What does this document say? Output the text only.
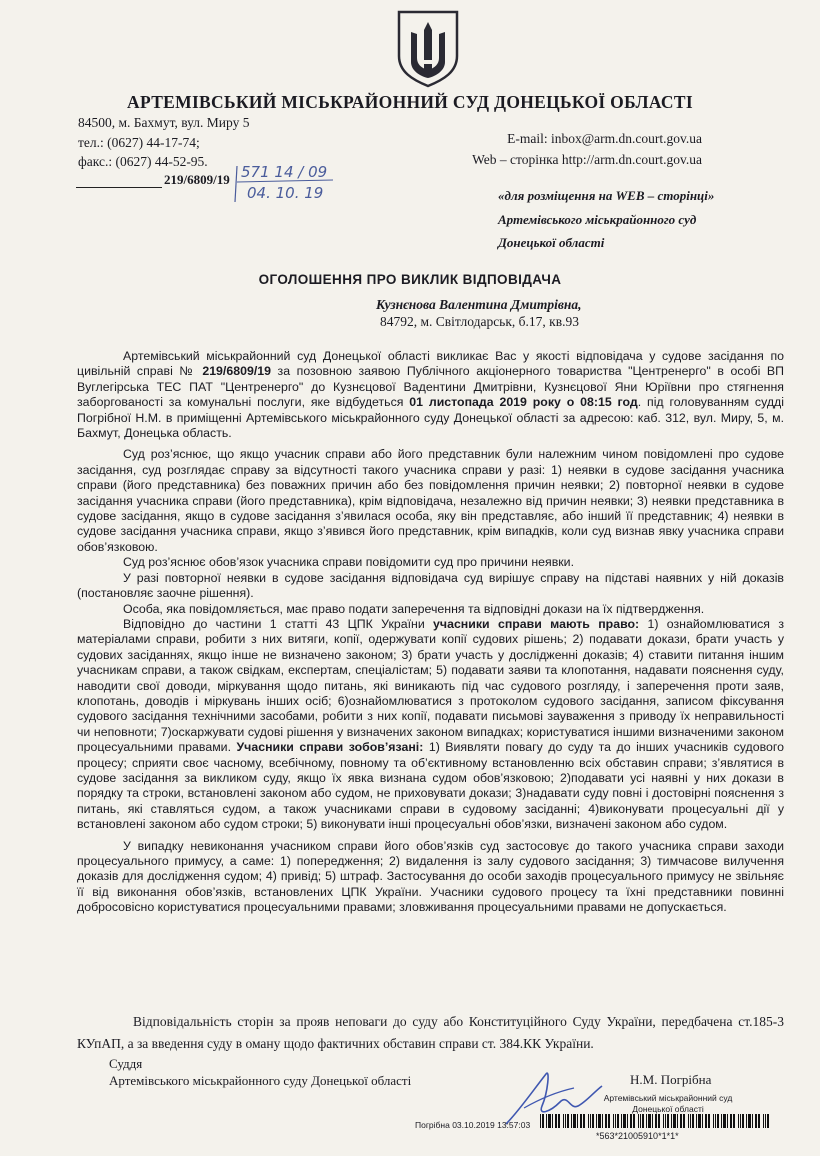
АРТЕМІВСЬКИЙ МІСЬКРАЙОННИЙ СУД ДОНЕЦЬКОЇ ОБЛАСТІ
84500, м. Бахмут, вул. Миру 5
тел.: (0627) 44-17-74;
факс.: (0627) 44-52-95.
E-mail: inbox@arm.dn.court.gov.ua
Web – сторінка http://arm.dn.court.gov.ua
219/6809/19 571 14 / 09
04. 10. 19	«для розміщення на WEB – сторінці»
Артемівського міськрайонного суд
Донецької області
ОГОЛОШЕННЯ ПРО ВИКЛИК ВІДПОВІДАЧА
Кузнєнова Валентина Дмитрівна,
84792, м. Світлодарськ, б.17, кв.93

Артемівський міськрайонний суд Донецької області викликає Вас у якості відповідача у судове засідання по цивільній справі № 219/6809/19 за позовною заявою Публічного акціонерного товариства "Центренерго" в особі ВП Вуглегірська ТЕС ПАТ "Центренерго" до Кузнєцової Вадентини Дмитрівни, Кузнєцової Яни Юріївни про стягнення заборгованості за комунальні послуги, яке відбудеться 01 листопада 2019 року о 08:15 год. під головуванням судді Погрібної Н.М. в приміщенні Артемівського міськрайонного суду Донецької області за адресою: каб. 312, вул. Миру, 5, м. Бахмут, Донецька область.

Суд роз’яснює, що якщо учасник справи або його представник були належним чином повідомлені про судове засідання, суд розглядає справу за відсутності такого учасника справи у разі: 1) неявки в судове засідання учасника справи (його представника) без поважних причин або без повідомлення причин неявки; 2) повторної неявки в судове засідання учасника справи (його представника), крім відповідача, незалежно від причин неявки; 3) неявки представника в судове засідання, якщо в судове засідання з’явилася особа, яку він представляє, або інший її представник; 4) неявки в судове засідання учасника справи, якщо з’явився його представник, крім випадків, коли суд визнав явку учасника справи обов’язковою.

Суд роз’яснює обов’язок учасника справи повідомити суд про причини неявки.

У разі повторної неявки в судове засідання відповідача суд вирішує справу на підставі наявних у ній доказів (постановляє заочне рішення).

Особа, яка повідомляється, має право подати заперечення та відповідні докази на їх підтвердження.

Відповідно до частини 1 статті 43 ЦПК України учасники справи мають право: 1) ознайомлюватися з матеріалами справи, робити з них витяги, копії, одержувати копії судових рішень; 2) подавати докази, брати участь у судових засіданнях, якщо інше не визначено законом; 3) брати участь у дослідженні доказів; 4) ставити питання іншим учасникам справи, а також свідкам, експертам, спеціалістам; 5) подавати заяви та клопотання, надавати пояснення суду, наводити свої доводи, міркування щодо питань, які виникають під час судового розгляду, і заперечення проти заяв, клопотань, доводів і міркувань інших осіб; 6)ознайомлюватися з протоколом судового засідання, записом фіксування судового засідання технічними засобами, робити з них копії, подавати письмові зауваження з приводу їх неправильності чи неповноти; 7)оскаржувати судові рішення у визначених законом випадках; користуватися іншими визначеними законом процесуальними правами. Учасники справи зобов’язані: 1) Виявляти повагу до суду та до інших учасників судового процесу; сприяти своє часному, всебічному, повному та об’єктивному встановленню всіх обставин справи; з’являтися в судове засідання за викликом суду, якщо їх явка визнана судом обов’язковою; 2)подавати усі наявні у них докази в порядку та строки, встановлені законом або судом, не приховувати докази; 3)надавати суду повні і достовірні пояснення з питань, які ставляться судом, а також учасниками справи в судовому засіданні; 4)виконувати процесуальні дії у встановлені законом або судом строки; 5) виконувати інші процесуальні обов’язки, визначені законом або судом.

У випадку невиконання учасником справи його обов’язків суд застосовує до такого учасника справи заходи процесуального примусу, а саме: 1) попередження; 2) видалення із залу судового засідання; 3) тимчасове вилучення доказів для дослідження судом; 4) привід; 5) штраф. Застосування до особи заходів процесуального примусу не звільняє її від виконання обов’язків, встановлених ЦПК України. Учасники судового процесу та їхні представники повинні добросовісно користуватися процесуальними правами; зловживання процесуальними правами не допускається.

Відповідальність сторін за прояв неповаги до суду або Конституційного Суду України, передбачена ст.185-3 КУпАП, а за введення суду в оману щодо фактичних обставин справи ст. 384.КК України.

Суддя
Артемівського міськрайонного суду Донецької області	Н.М. Погрібна
Артемівський міськрайонний суд
Донецької області
Погрібна 03.10.2019 13:57:03
*563*21005910*1*1*
